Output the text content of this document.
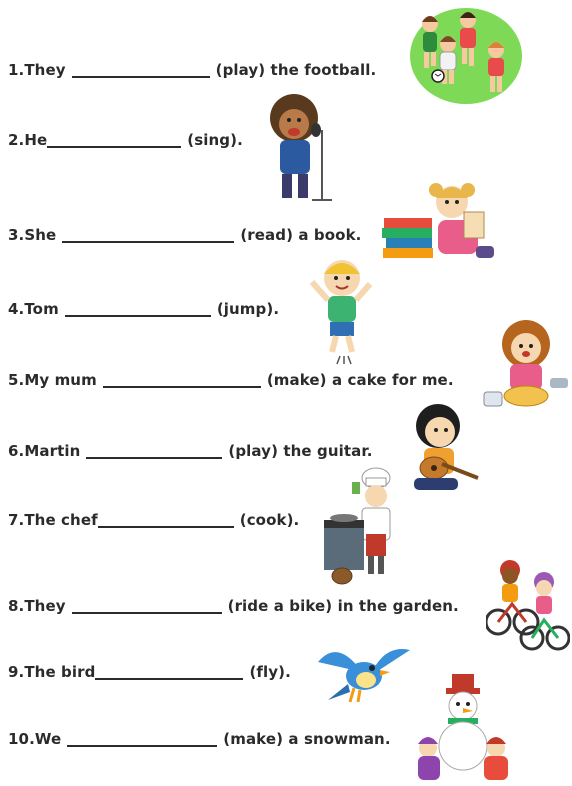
1. They	(play) the football.
2. He	(sing).
3. She	(read) a book.
4. Tom	(jump).
5. My mum	(make) a cake for me.
6. Martin	(play) the guitar.
7. The chef	(cook).
8. They	(ride a bike) in the garden.
9. The bird	(fly).
10. We	(make) a snowman.
